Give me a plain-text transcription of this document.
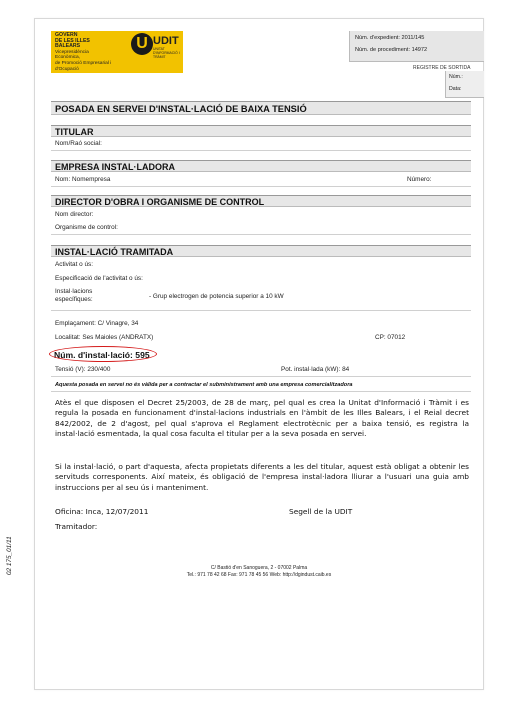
GOVERN
DE LES ILLES BALEARS
Vicepresidència Econòmica,
de Promoció Empresarial i d'Ocupació
U UDIT
UNITAT D'INFORMACIÓ I TRÀMIT
Núm. d'expedient: 2011/145
Núm. de procediment: 14972
REGISTRE DE SORTIDA
Núm.:
Data:
POSADA EN SERVEI D'INSTAL·LACIÓ DE BAIXA TENSIÓ
TITULAR
Nom/Raó social:
EMPRESA INSTAL·LADORA
Nom: Nomempresa	Número:
DIRECTOR D'OBRA I ORGANISME DE CONTROL
Nom director:
Organisme de control:
INSTAL·LACIÓ TRAMITADA
Activitat o ús:
Especificació de l'activitat o ús:
Instal·lacions
específiques:	- Grup electrogen de potencia superior a 10 kW
Emplaçament: C/ Vinagre, 34
Localitat: Ses Maioles (ANDRATX)	CP: 07012
Núm. d'instal·lació: 595
Tensió (V): 230/400	Pot. instal·lada (kW): 84
Aquesta posada en servei no és vàlida per a contractar el subministrament amb una empresa comercialitzadora
Atès el que disposen el Decret 25/2003, de 28 de març, pel qual es crea la Unitat d'Informació i Tràmit i es regula la posada en funcionament d'instal·lacions industrials en l'àmbit de les Illes Balears, i el Reial decret 842/2002, de 2 d'agost, pel qual s'aprova el Reglament electrotècnic per a baixa tensió, es registra la instal·lació esmentada, la qual cosa faculta el titular per a la seva posada en servei.
Si la instal·lació, o part d'aquesta, afecta propietats diferents a les del titular, aquest està obligat a obtenir les servituds corresponents. Així mateix, és obligació de l'empresa instal·ladora lliurar a l'usuari una guia amb instruccions per al seu ús i manteniment.
Oficina: Inca, 12/07/2011	Segell de la UDIT
Tramitador:
C/ Bastió d'en Sanoguera, 2 - 07002 Palma
Tel.: 971 78 42 68 Fax: 971 78 45 56 Web: http://dgindust.caib.es
02 175_01/11
